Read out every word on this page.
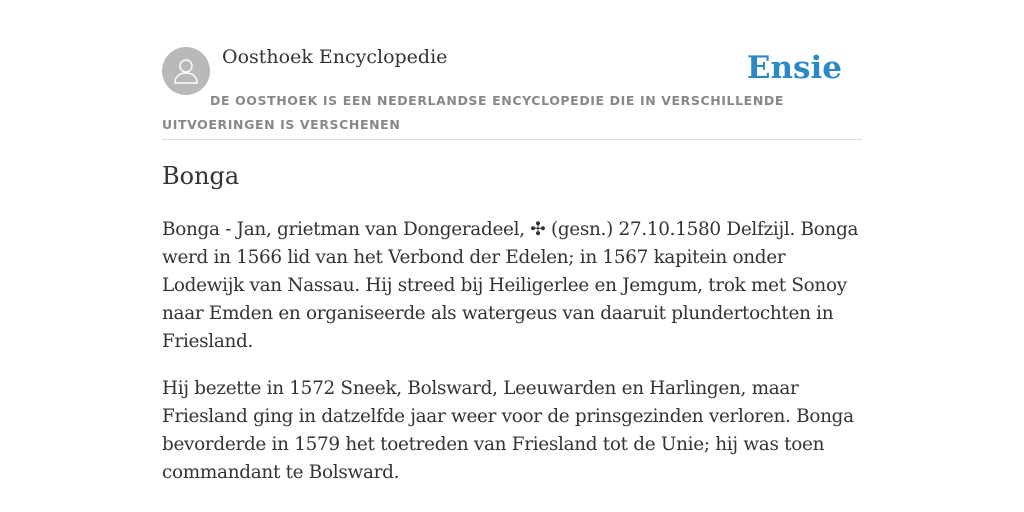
Oosthoek Encyclopedie	Ensie
DE OOSTHOEK IS EEN NEDERLANDSE ENCYCLOPEDIE DIE IN VERSCHILLENDE UITVOERINGEN IS VERSCHENEN
Bonga

Bonga - Jan, grietman van Dongeradeel, ✣ (gesn.) 27.10.1580 Delfzijl. Bonga werd in 1566 lid van het Verbond der Edelen; in 1567 kapitein onder Lodewijk van Nassau. Hij streed bij Heiligerlee en Jemgum, trok met Sonoy naar Emden en organiseerde als watergeus van daaruit plundertochten in Friesland.

Hij bezette in 1572 Sneek, Bolsward, Leeuwarden en Harlingen, maar Friesland ging in datzelfde jaar weer voor de prinsgezinden verloren. Bonga bevorderde in 1579 het toetreden van Friesland tot de Unie; hij was toen commandant te Bolsward.
